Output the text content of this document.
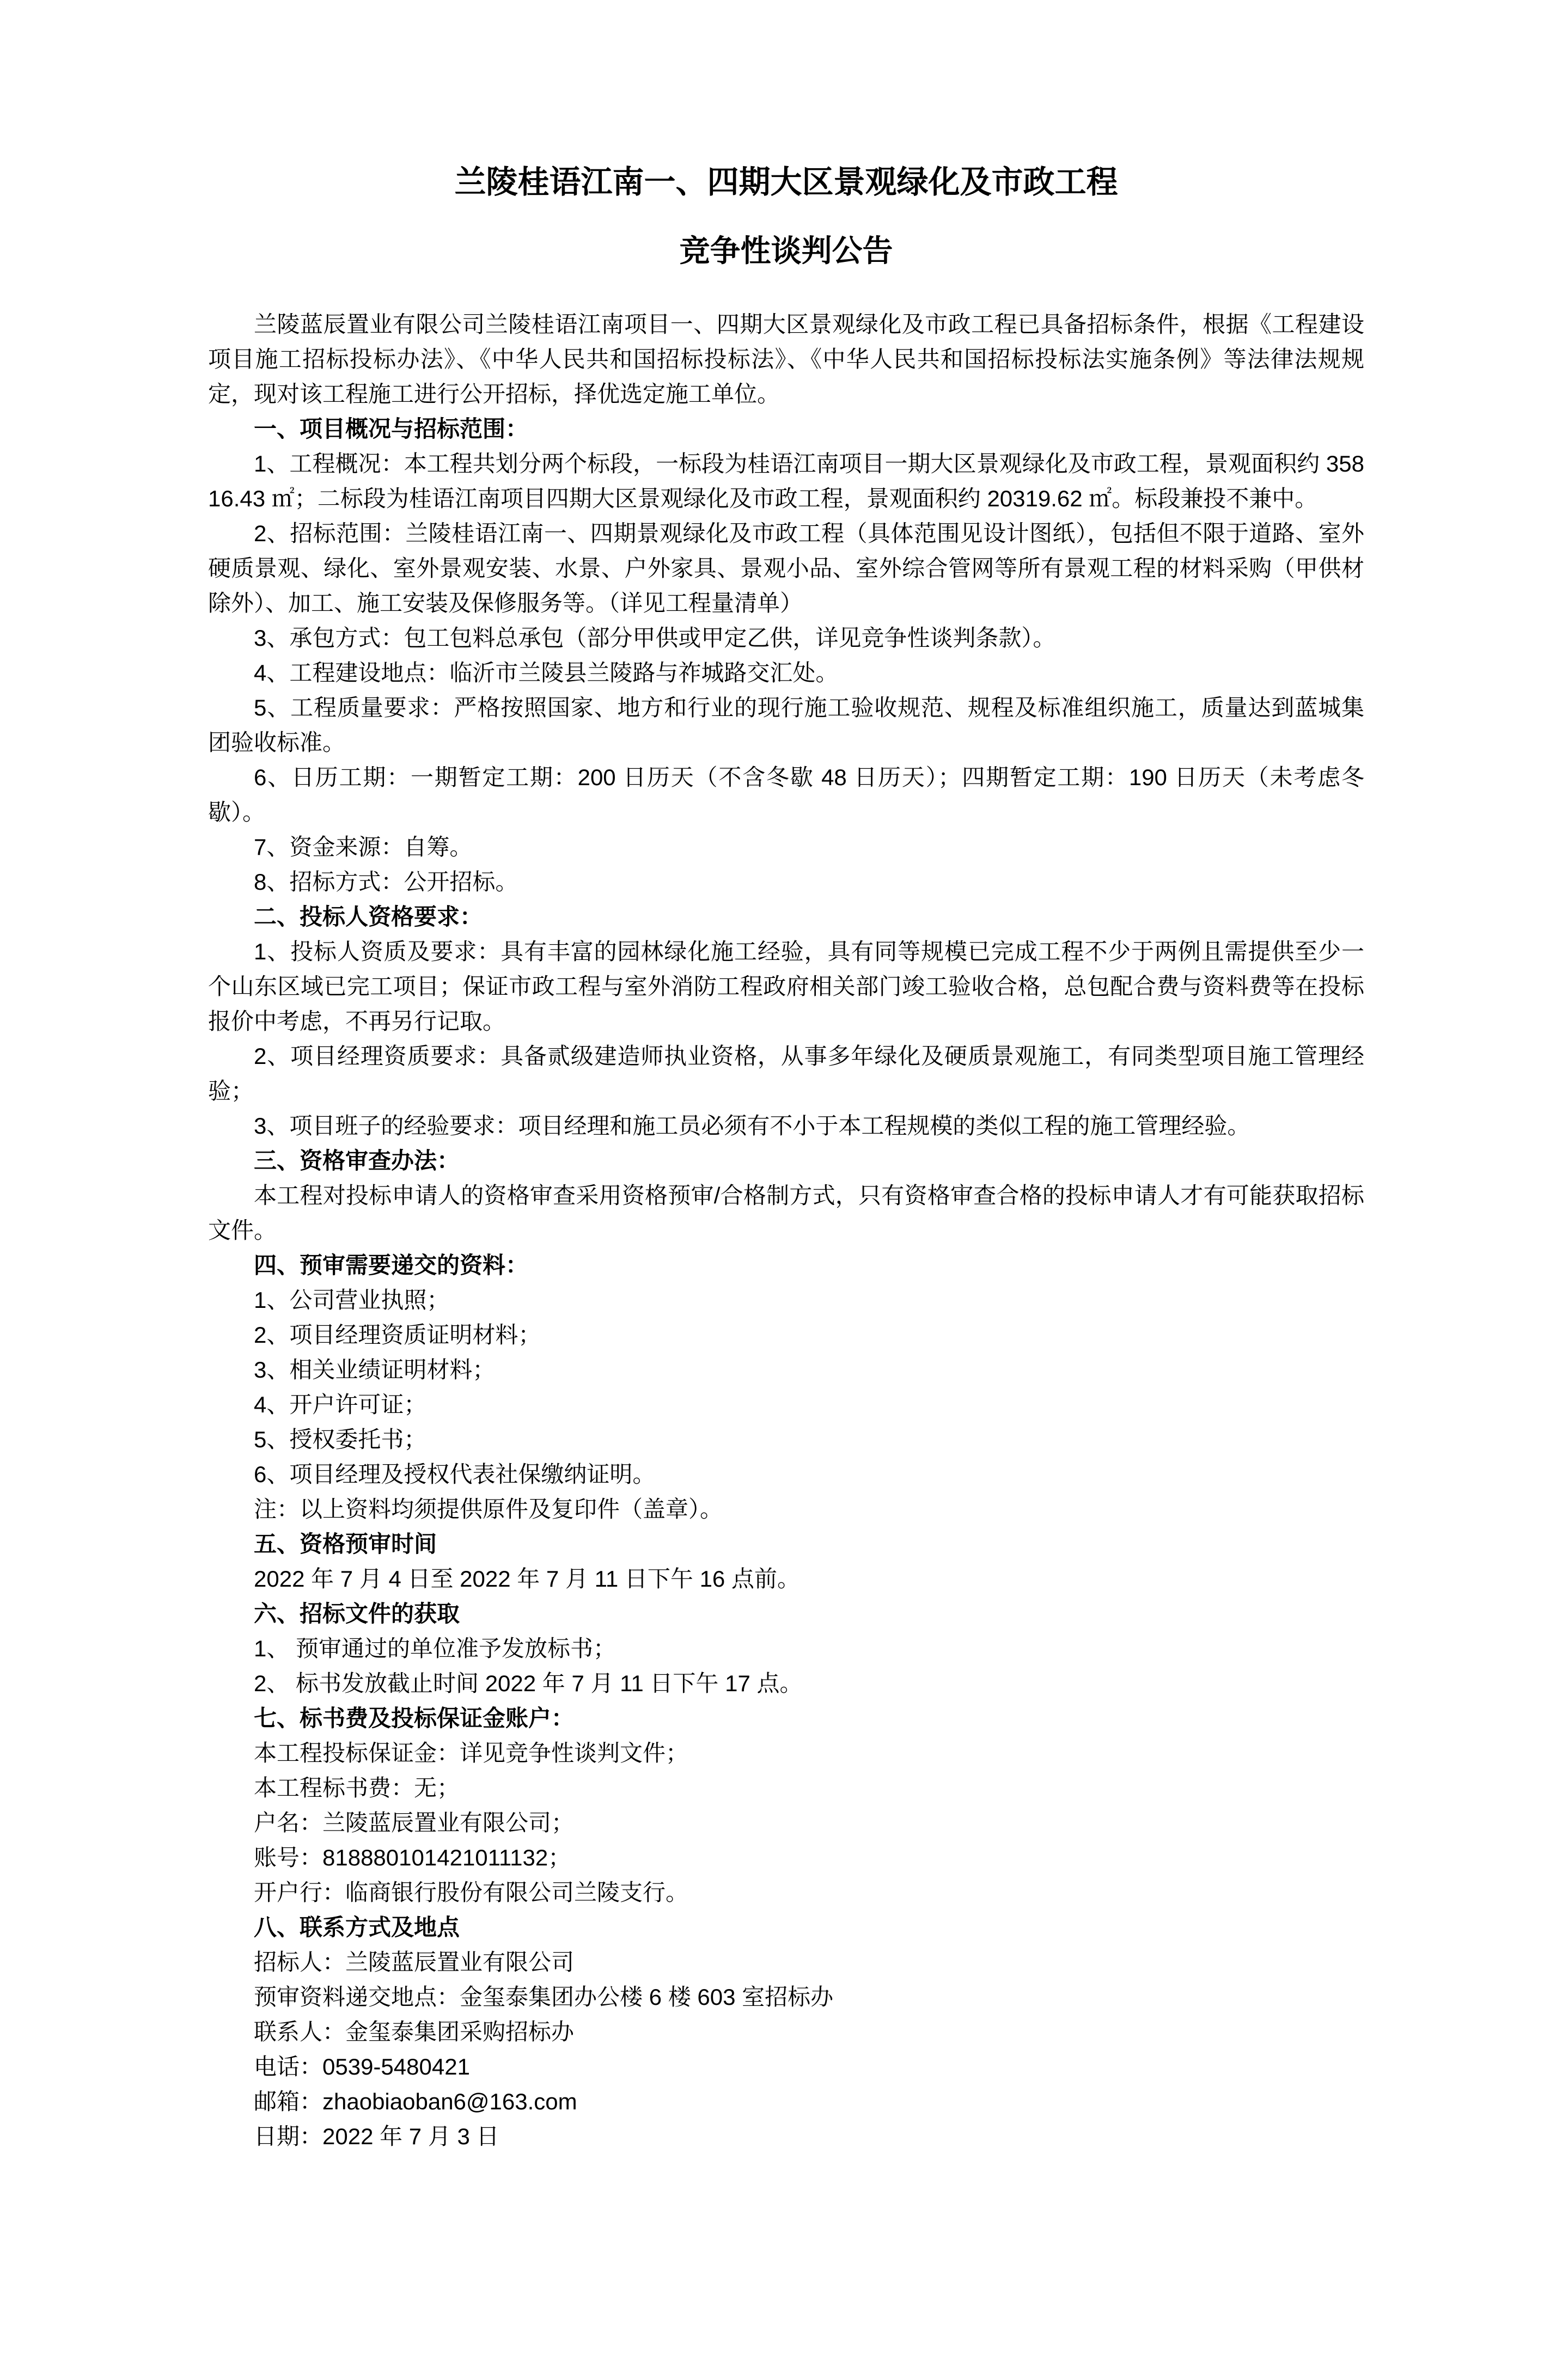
兰陵桂语江南一、四期大区景观绿化及市政工程
竞争性谈判公告

兰陵蓝辰置业有限公司兰陵桂语江南项目一、四期大区景观绿化及市政工程已具备招标条件，根据《工程建设项目施工招标投标办法》、《中华人民共和国招标投标法》、《中华人民共和国招标投标法实施条例》等法律法规规定，现对该工程施工进行公开招标，择优选定施工单位。

一、项目概况与招标范围：

1、工程概况：本工程共划分两个标段，一标段为桂语江南项目一期大区景观绿化及市政工程，景观面积约 35816.43 ㎡；二标段为桂语江南项目四期大区景观绿化及市政工程，景观面积约 20319.62 ㎡。标段兼投不兼中。

2、招标范围：兰陵桂语江南一、四期景观绿化及市政工程（具体范围见设计图纸），包括但不限于道路、室外硬质景观、绿化、室外景观安装、水景、户外家具、景观小品、室外综合管网等所有景观工程的材料采购（甲供材除外）、加工、施工安装及保修服务等。（详见工程量清单）

3、承包方式：包工包料总承包（部分甲供或甲定乙供，详见竞争性谈判条款）。

4、工程建设地点：临沂市兰陵县兰陵路与祚城路交汇处。

5、工程质量要求：严格按照国家、地方和行业的现行施工验收规范、规程及标准组织施工，质量达到蓝城集团验收标准。

6、日历工期：一期暂定工期：200 日历天（不含冬歇 48 日历天）；四期暂定工期：190 日历天（未考虑冬歇）。

7、资金来源：自筹。

8、招标方式：公开招标。

二、投标人资格要求：

1、投标人资质及要求：具有丰富的园林绿化施工经验，具有同等规模已完成工程不少于两例且需提供至少一个山东区域已完工项目；保证市政工程与室外消防工程政府相关部门竣工验收合格，总包配合费与资料费等在投标报价中考虑，不再另行记取。

2、项目经理资质要求：具备贰级建造师执业资格，从事多年绿化及硬质景观施工，有同类型项目施工管理经验；

3、项目班子的经验要求：项目经理和施工员必须有不小于本工程规模的类似工程的施工管理经验。

三、资格审查办法：

本工程对投标申请人的资格审查采用资格预审/合格制方式，只有资格审查合格的投标申请人才有可能获取招标文件。

四、预审需要递交的资料：

1、公司营业执照；

2、项目经理资质证明材料；

3、相关业绩证明材料；

4、开户许可证；

5、授权委托书；

6、项目经理及授权代表社保缴纳证明。

注：以上资料均须提供原件及复印件（盖章）。

五、资格预审时间

2022 年 7 月 4 日至 2022 年 7 月 11 日下午 16 点前。

六、招标文件的获取

1、 预审通过的单位准予发放标书；

2、 标书发放截止时间 2022 年 7 月 11 日下午 17 点。

七、标书费及投标保证金账户：

本工程投标保证金：详见竞争性谈判文件；

本工程标书费：无；

户名：兰陵蓝辰置业有限公司；

账号：818880101421011132；

开户行：临商银行股份有限公司兰陵支行。

八、联系方式及地点

招标人：兰陵蓝辰置业有限公司

预审资料递交地点：金玺泰集团办公楼 6 楼 603 室招标办

联系人：金玺泰集团采购招标办

电话：0539-5480421

邮箱：zhaobiaoban6@163.com

日期：2022 年 7 月 3 日
